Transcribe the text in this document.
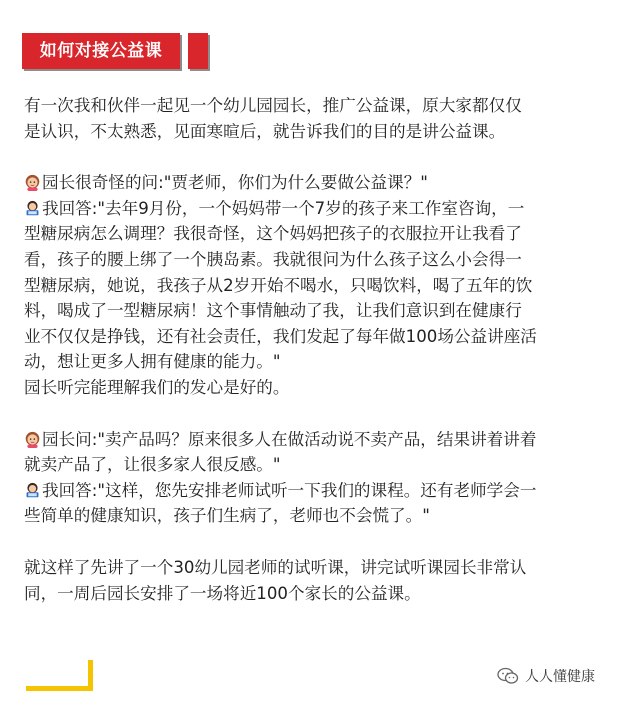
如何对接公益课

有一次我和伙伴一起见一个幼儿园园长，推广公益课，原大家都仅仅
是认识，不太熟悉，见面寒暄后，就告诉我们的目的是讲公益课。

园长很奇怪的问:"贾老师，你们为什么要做公益课？"
我回答:"去年9月份，一个妈妈带一个7岁的孩子来工作室咨询，一
型糖尿病怎么调理？我很奇怪，这个妈妈把孩子的衣服拉开让我看了
看，孩子的腰上绑了一个胰岛素。我就很问为什么孩子这么小会得一
型糖尿病，她说，我孩子从2岁开始不喝水，只喝饮料，喝了五年的饮
料，喝成了一型糖尿病！这个事情触动了我，让我们意识到在健康行
业不仅仅是挣钱，还有社会责任，我们发起了每年做100场公益讲座活
动，想让更多人拥有健康的能力。"
园长听完能理解我们的发心是好的。

园长问:"卖产品吗？原来很多人在做活动说不卖产品，结果讲着讲着
就卖产品了，让很多家人很反感。"
我回答:"这样，您先安排老师试听一下我们的课程。还有老师学会一
些简单的健康知识，孩子们生病了，老师也不会慌了。"

就这样了先讲了一个30幼儿园老师的试听课，讲完试听课园长非常认
同，一周后园长安排了一场将近100个家长的公益课。

人人懂健康
